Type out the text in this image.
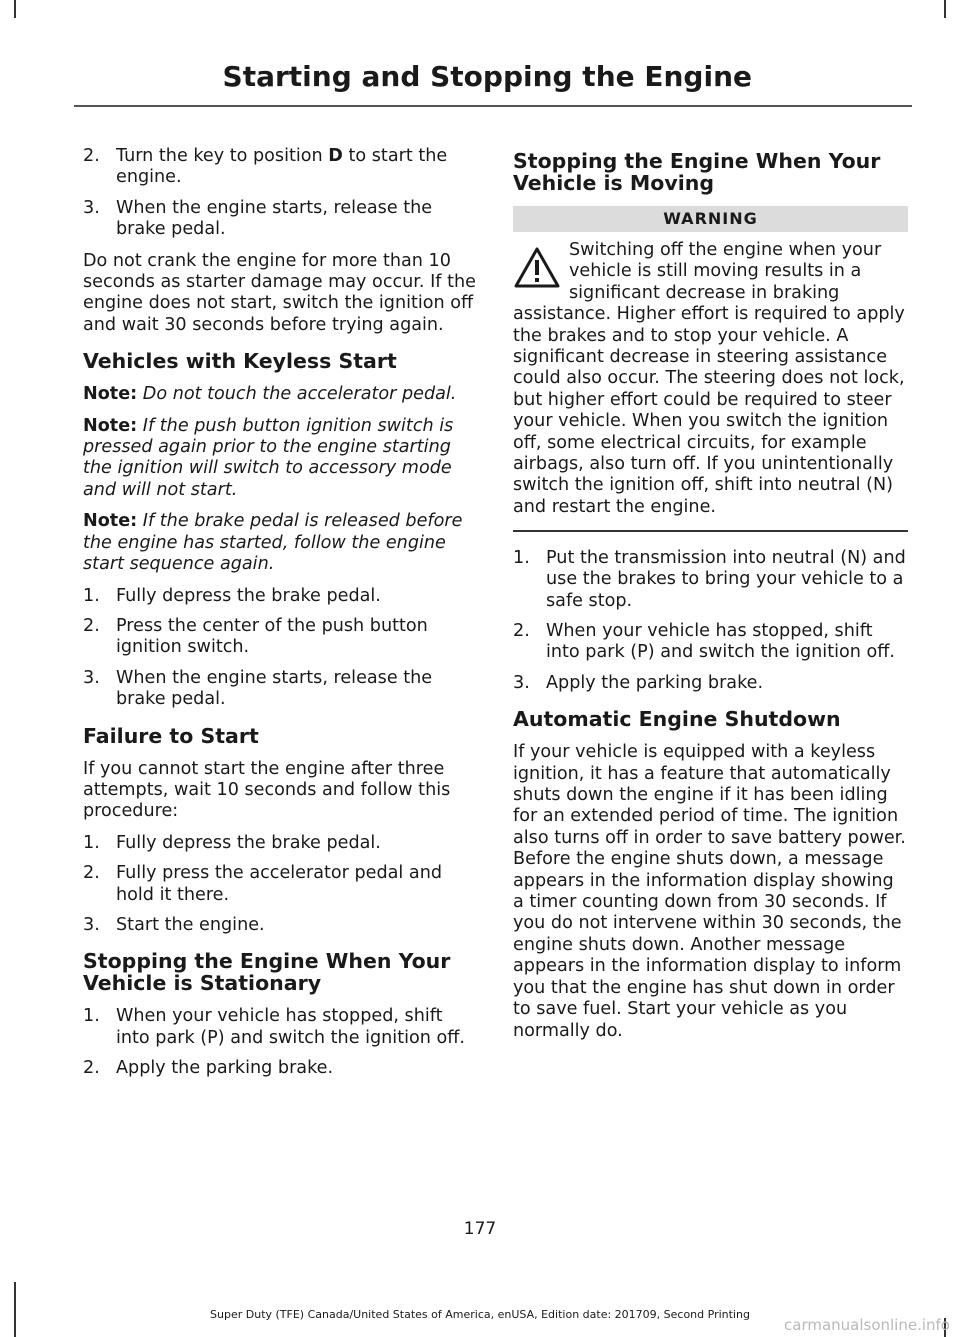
Starting and Stopping the Engine
2. Turn the key to position D to start the engine.
3. When the engine starts, release the brake pedal.

Do not crank the engine for more than 10 seconds as starter damage may occur. If the engine does not start, switch the ignition off and wait 30 seconds before trying again.

Vehicles with Keyless Start

Note: Do not touch the accelerator pedal.

Note: If the push button ignition switch is pressed again prior to the engine starting the ignition will switch to accessory mode and will not start.

Note: If the brake pedal is released before the engine has started, follow the engine start sequence again.

1. Fully depress the brake pedal.
2. Press the center of the push button ignition switch.
3. When the engine starts, release the brake pedal.
Failure to Start

If you cannot start the engine after three attempts, wait 10 seconds and follow this procedure:

1. Fully depress the brake pedal.
2. Fully press the accelerator pedal and hold it there.
3. Start the engine.
Stopping the Engine When Your Vehicle is Stationary
1. When your vehicle has stopped, shift into park (P) and switch the ignition off.
2. Apply the parking brake.
Stopping the Engine When Your Vehicle is Moving
WARNING

Switching off the engine when your vehicle is still moving results in a significant decrease in braking assistance. Higher effort is required to apply the brakes and to stop your vehicle. A significant decrease in steering assistance could also occur. The steering does not lock, but higher effort could be required to steer your vehicle. When you switch the ignition off, some electrical circuits, for example airbags, also turn off. If you unintentionally switch the ignition off, shift into neutral (N) and restart the engine.

1. Put the transmission into neutral (N) and use the brakes to bring your vehicle to a safe stop.
2. When your vehicle has stopped, shift into park (P) and switch the ignition off.
3. Apply the parking brake.
Automatic Engine Shutdown

If your vehicle is equipped with a keyless ignition, it has a feature that automatically shuts down the engine if it has been idling for an extended period of time. The ignition also turns off in order to save battery power. Before the engine shuts down, a message appears in the information display showing a timer counting down from 30 seconds. If you do not intervene within 30 seconds, the engine shuts down. Another message appears in the information display to inform you that the engine has shut down in order to save fuel. Start your vehicle as you normally do.

177
Super Duty (TFE) Canada/United States of America, enUSA, Edition date: 201709, Second Printing
carmanualsonline.info
